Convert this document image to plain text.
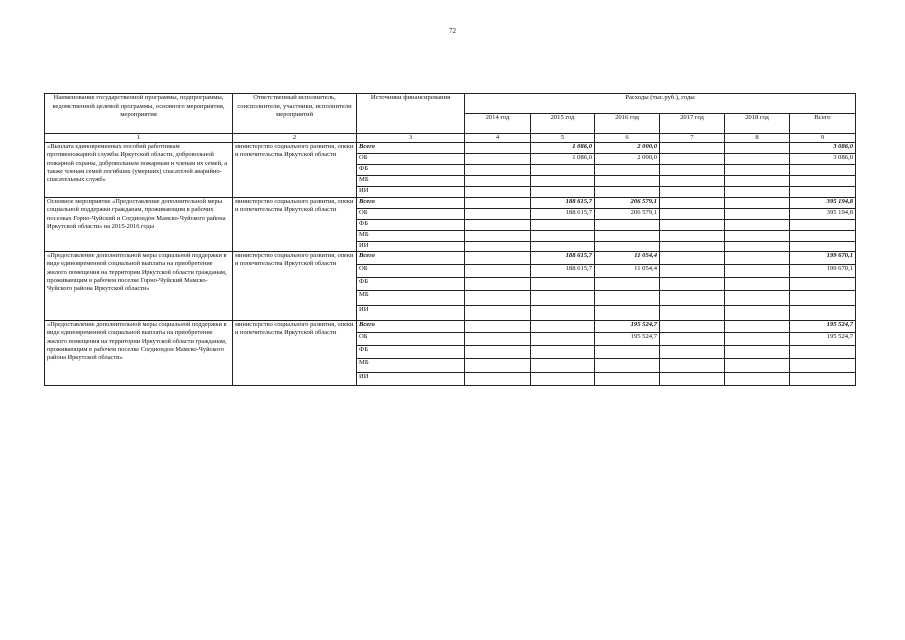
72
Наименование государственной программы, подпрограммы, ведомственной целевой программы, основного мероприятия, мероприятия	Ответственный исполнитель, соисполнители, участники, исполнители мероприятий	Источники финансирования	Расходы (тыс.руб.), годы					
			2014 год	2015 год	2016 год	2017 год	2018 год	Всего
1	2	3	4	5	6	7	8	9
«Выплата единовременных пособий работникам противопожарной службы Иркутской области, добровольной пожарной охраны, добровольным пожарным и членам их семей, а также членам семей погибших (умерших) спасателей аварийно-спасательных служб»	министерство социального развития, опеки и попечительства Иркутской области	Всего		1 086,0	2 000,0			3 086,0
		ОБ		1 086,0	2 000,0			3 086,0
		ФБ						
		МБ						
		ИИ						
Основное мероприятие «Предоставление дополнительной меры социальной поддержки гражданам, проживающим в рабочих поселках Горно-Чуйский и Согдиондон Мамско-Чуйского района Иркутской области» на 2015-2016 годы	министерство социального развития, опеки и попечительства Иркутской области	Всего		188 615,7	206 579,1			395 194,8
		ОБ		188 615,7	206 579,1			395 194,8
		ФБ						
		МБ						
		ИИ						
«Предоставление дополнительной меры социальной поддержки в виде единовременной социальной выплаты на приобретение жилого помещения на территории Иркутской области гражданам, проживающим в рабочем поселке Горно-Чуйский Мамско-Чуйского района Иркутской области»	министерство социального развития, опеки и попечительства Иркутской области	Всего		188 615,7	11 054,4			199 670,1
		ОБ		188 615,7	11 054,4			199 670,1
		ФБ						
		МБ						
		ИИ						
«Предоставление дополнительной меры социальной поддержки в виде единовременной социальной выплаты на приобретение жилого помещения на территории Иркутской области гражданам, проживающим в рабочем поселке Согдиондон Мамско-Чуйского района Иркутской области»	министерство социального развития, опеки и попечительства Иркутской области	Всего			195 524,7			195 524,7
		ОБ			195 524,7			195 524,7
		ФБ						
		МБ						
		ИИ						
